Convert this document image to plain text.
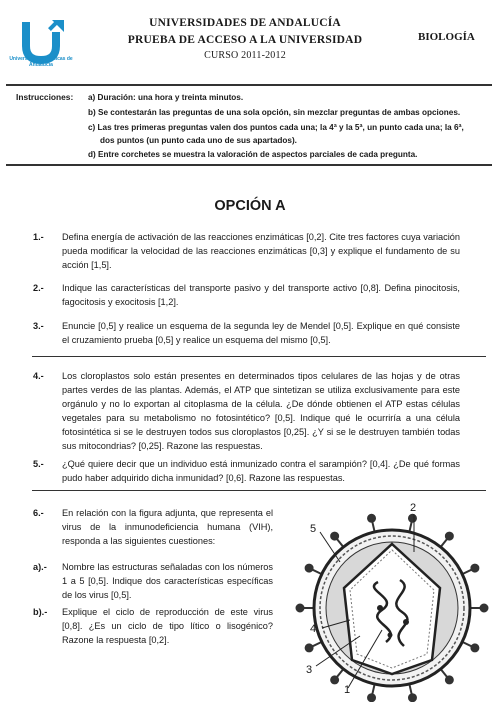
Universidades Públicas de Andalucía
UNIVERSIDADES DE ANDALUCÍA
PRUEBA DE ACCESO A LA UNIVERSIDAD
CURSO 2011-2012
BIOLOGÍA
Instrucciones: a) Duración: una hora y treinta minutos.
b) Se contestarán las preguntas de una sola opción, sin mezclar preguntas de ambas opciones.
c) Las tres primeras preguntas valen dos puntos cada una; la 4ª y la 5ª, un punto cada una; la 6ª,
dos puntos (un punto cada uno de sus apartados).
d) Entre corchetes se muestra la valoración de aspectos parciales de cada pregunta.
OPCIÓN A
1.- Defina energía de activación de las reacciones enzimáticas [0,2]. Cite tres factores cuya variación pueda modificar la velocidad de las reacciones enzimáticas [0,3] y explique el fundamento de su acción [1,5].
2.- Indique las características del transporte pasivo y del transporte activo [0,8]. Defina pinocitosis, fagocitosis y exocitosis [1,2].
3.- Enuncie [0,5] y realice un esquema de la segunda ley de Mendel [0,5]. Explique en qué consiste el cruzamiento prueba [0,5] y realice un esquema del mismo [0,5].
4.- Los cloroplastos solo están presentes en determinados tipos celulares de las hojas y de otras partes verdes de las plantas. Además, el ATP que sintetizan se utiliza exclusivamente para este orgánulo y no lo exportan al citoplasma de la célula. ¿De dónde obtienen el ATP estas células vegetales para su metabolismo no fotosintético? [0,5]. Indique qué le ocurriría a una célula fotosintética si se le destruyen todos sus cloroplastos [0,25]. ¿Y si se le destruyen también todas sus mitocondrias? [0,25]. Razone las respuestas.
5.- ¿Qué quiere decir que un individuo está inmunizado contra el sarampión? [0,4]. ¿De qué formas pudo haber adquirido dicha inmunidad? [0,6]. Razone las respuestas.
6.- En relación con la figura adjunta, que representa el virus de la inmunodeficiencia humana (VIH), responda a las siguientes cuestiones:
a).- Nombre las estructuras señaladas con los números 1 a 5 [0,5]. Indique dos características específicas de los virus [0,5].
b).- Explique el ciclo de reproducción de este virus [0,8]. ¿Es un ciclo de tipo lítico o lisogénico? Razone la respuesta [0,2].
1
2
3
4
5
